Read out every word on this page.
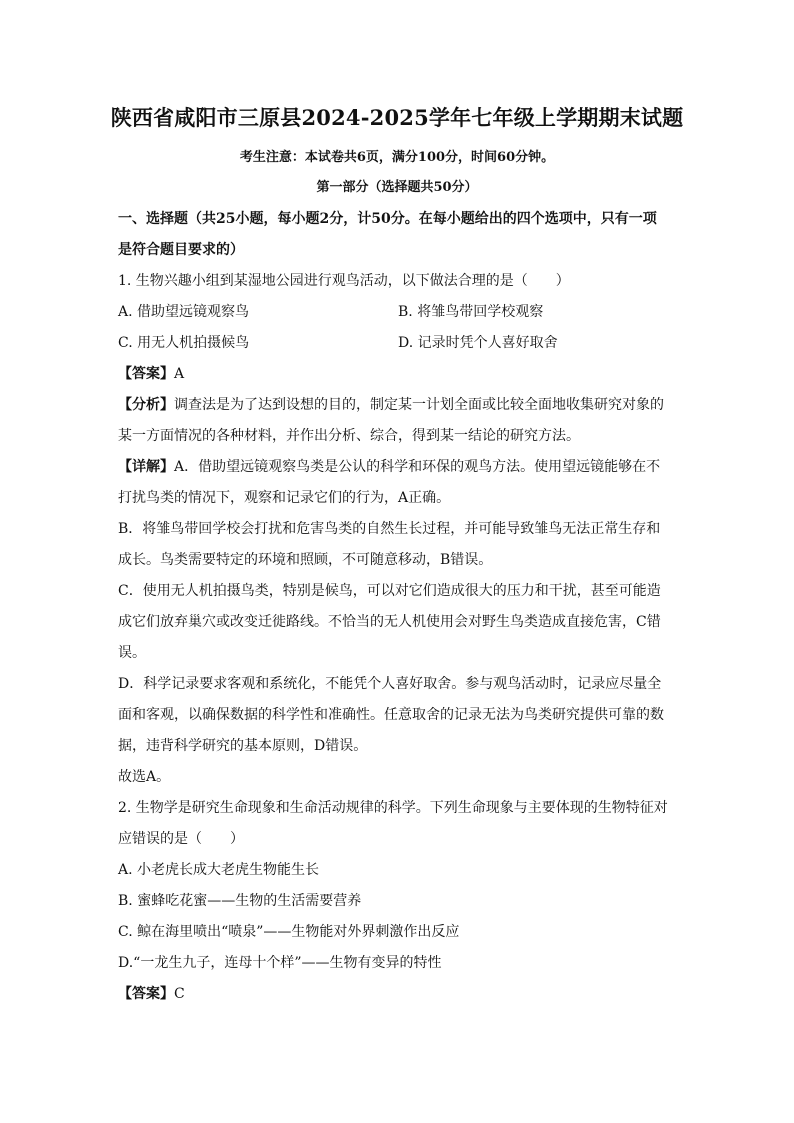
陕西省咸阳市三原县2024-2025学年七年级上学期期末试题
考生注意：本试卷共6页，满分100分，时间60分钟。
第一部分（选择题共50分）

一、选择题（共25小题，每小题2分，计50分。在每小题给出的四个选项中，只有一项

是符合题目要求的）

1. 生物兴趣小组到某湿地公园进行观鸟活动，以下做法合理的是（　　）

A. 借助望远镜观察鸟	B. 将雏鸟带回学校观察

C. 用无人机拍摄候鸟	D. 记录时凭个人喜好取舍

【答案】A

【分析】调查法是为了达到设想的目的，制定某一计划全面或比较全面地收集研究对象的

某一方面情况的各种材料，并作出分析、综合，得到某一结论的研究方法。

【详解】A．借助望远镜观察鸟类是公认的科学和环保的观鸟方法。使用望远镜能够在不

打扰鸟类的情况下，观察和记录它们的行为，A正确。

B．将雏鸟带回学校会打扰和危害鸟类的自然生长过程，并可能导致雏鸟无法正常生存和

成长。鸟类需要特定的环境和照顾，不可随意移动，B错误。

C．使用无人机拍摄鸟类，特别是候鸟，可以对它们造成很大的压力和干扰，甚至可能造

成它们放弃巢穴或改变迁徙路线。不恰当的无人机使用会对野生鸟类造成直接危害，C错

误。

D．科学记录要求客观和系统化，不能凭个人喜好取舍。参与观鸟活动时，记录应尽量全

面和客观，以确保数据的科学性和准确性。任意取舍的记录无法为鸟类研究提供可靠的数

据，违背科学研究的基本原则，D错误。

故选A。

2. 生物学是研究生命现象和生命活动规律的科学。下列生命现象与主要体现的生物特征对

应错误的是（　　）

A. 小老虎长成大老虎生物能生长

B. 蜜蜂吃花蜜——生物的生活需要营养

C. 鲸在海里喷出“喷泉”——生物能对外界刺激作出反应

D.“一龙生九子，连母十个样”——生物有变异的特性

【答案】C
